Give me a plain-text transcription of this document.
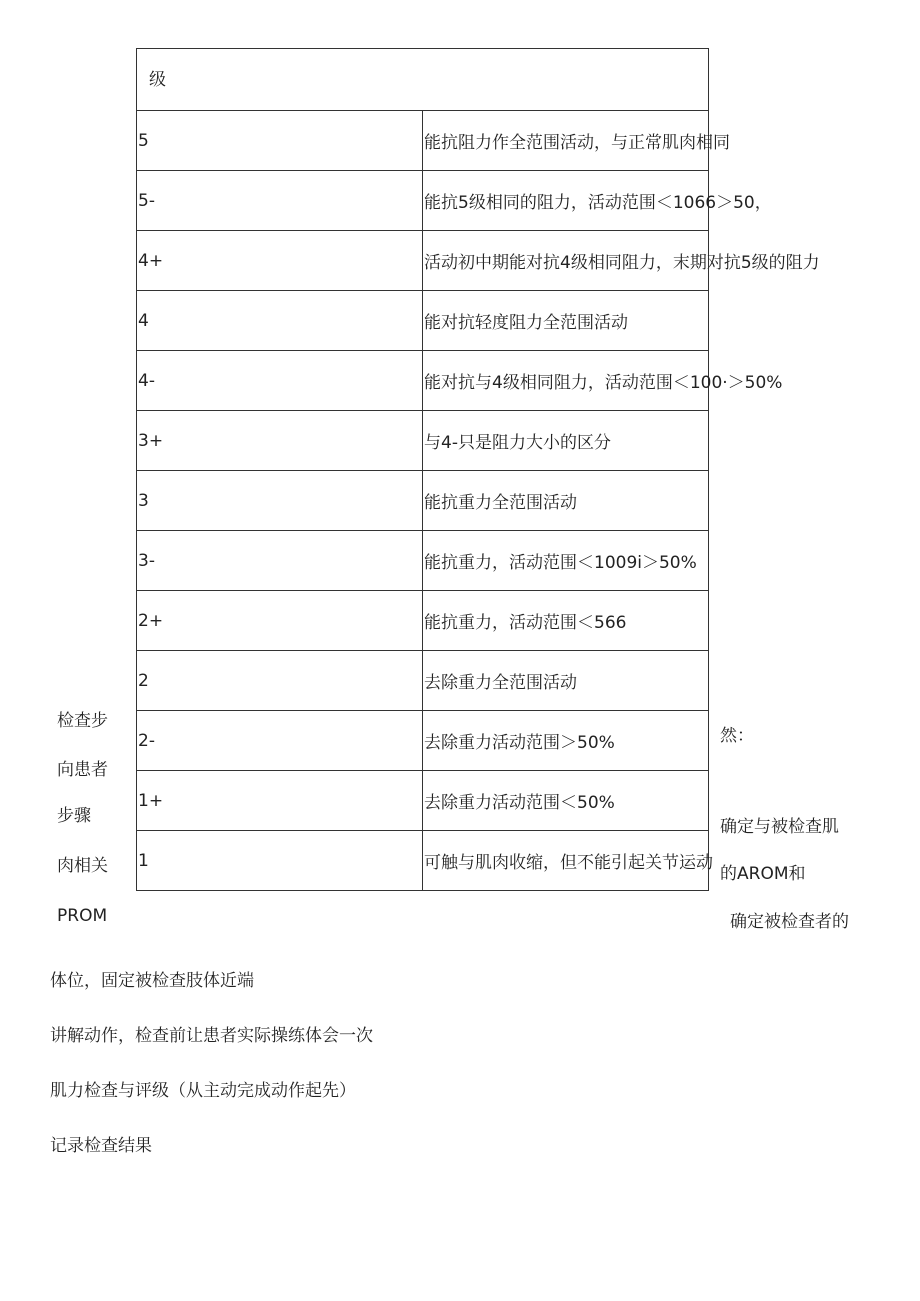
级	
5	能抗阻力作全范围活动，与正常肌肉相同
5-	能抗5级相同的阻力，活动范围＜1066＞50，
4+	活动初中期能对抗4级相同阻力，末期对抗5级的阻力
4	能对抗轻度阻力全范围活动
4-	能对抗与4级相同阻力，活动范围＜100·＞50%
3+	与4-只是阻力大小的区分
3	能抗重力全范围活动
3-	能抗重力，活动范围＜1009i＞50%
2+	能抗重力，活动范围＜566
2	去除重力全范围活动
2-	去除重力活动范围＞50%
1+	去除重力活动范围＜50%
1	可触与肌肉收缩，但不能引起关节运动
检查步
向患者
步骤
肉相关
PROM
然：
确定与被检查肌
的AROM和
确定被检查者的
体位，固定被检查肢体近端
讲解动作，检查前让患者实际操练体会一次
肌力检查与评级（从主动完成动作起先）
记录检查结果
